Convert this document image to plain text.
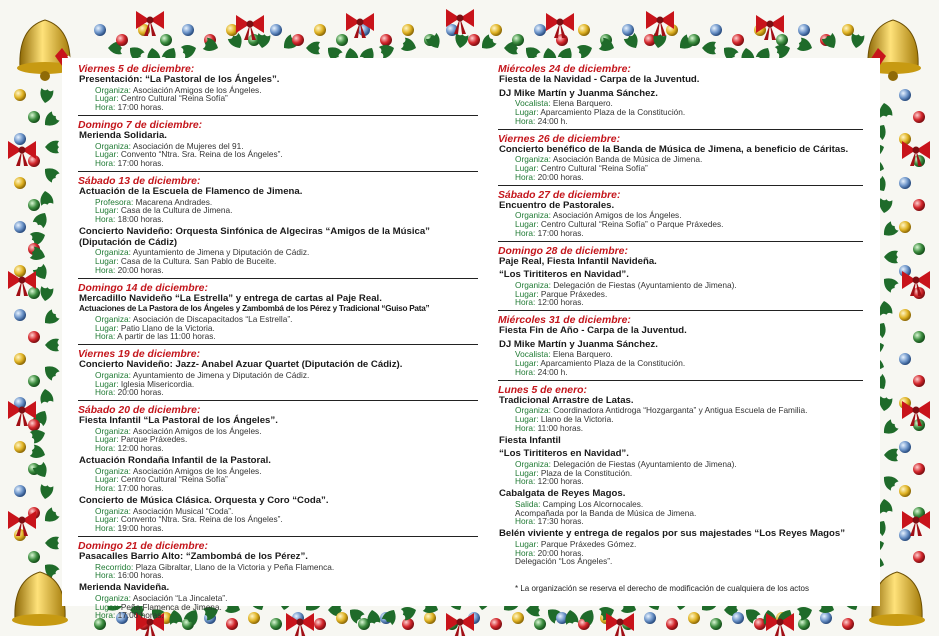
Viernes 5 de diciembre:
Presentación: “La Pastoral de los Ángeles”.
Organiza: Asociación Amigos de los Ángeles.
Lugar: Centro Cultural “Reina Sofía”
Hora: 17:00 horas.
Domingo 7 de diciembre:
Merienda Solidaria.
Organiza: Asociación de Mujeres del 91.
Lugar: Convento “Ntra. Sra. Reina de los Ángeles”.
Hora: 17:00 horas.
Sábado 13 de diciembre:
Actuación de la Escuela de Flamenco de Jimena.
Profesora: Macarena Andrades.
Lugar: Casa de la Cultura de Jimena.
Hora: 18:00 horas.
Concierto Navideño: Orquesta Sinfónica de Algeciras “Amigos de la Música” (Diputación de Cádiz)
Organiza: Ayuntamiento de Jimena y Diputación de Cádiz.
Lugar: Casa de la Cultura. San Pablo de Buceite.
Hora: 20:00 horas.
Domingo 14 de diciembre:
Mercadillo Navideño “La Estrella” y entrega de cartas al Paje Real.
Actuaciones de La Pastora de los Ángeles y Zambombá de los Pérez y Tradicional “Guiso Pata”
Organiza: Asociación de Discapacitados “La Estrella”.
Lugar: Patio Llano de la Victoria.
Hora: A partir de las 11:00 horas.
Viernes 19 de diciembre:
Concierto Navideño: Jazz- Anabel Azuar Quartet (Diputación de Cádiz).
Organiza: Ayuntamiento de Jimena y Diputación de Cádiz.
Lugar: Iglesia Misericordia.
Hora: 20:00 horas.
Sábado 20 de diciembre:
Fiesta Infantil “La Pastoral de los Ángeles”.
Organiza: Asociación Amigos de los Ángeles.
Lugar: Parque Práxedes.
Hora: 12:00 horas.
Actuación Rondaña Infantil de la Pastoral.
Organiza: Asociación Amigos de los Ángeles.
Lugar: Centro Cultural “Reina Sofía”
Hora: 17:00 horas.
Concierto de Música Clásica. Orquesta y Coro “Coda”.
Organiza: Asociación Musical “Coda”.
Lugar: Convento “Ntra. Sra. Reina de los Ángeles”.
Hora: 19:00 horas.
Domingo 21 de diciembre:
Pasacalles Barrio Alto: “Zambombá de los Pérez”.
Recorrido: Plaza Gibraltar, Llano de la Victoria y Peña Flamenca.
Hora: 16:00 horas.
Merienda Navideña.
Organiza: Asociación “La Jincaleta”.
Lugar: Peña Flamenca de Jimena.
Hora: 17:00 horas.
Miércoles 24 de diciembre:
Fiesta de la Navidad - Carpa de la Juventud.
DJ Mike Martín y Juanma Sánchez.
Vocalista: Elena Barquero.
Lugar: Aparcamiento Plaza de la Constitución.
Hora: 24:00 h.
Viernes 26 de diciembre:
Concierto benéfico de la Banda de Música de Jimena, a beneficio de Cáritas.
Organiza: Asociación Banda de Música de Jimena.
Lugar: Centro Cultural “Reina Sofía”
Hora: 20:00 horas.
Sábado 27 de diciembre:
Encuentro de Pastorales.
Organiza: Asociación Amigos de los Ángeles.
Lugar: Centro Cultural “Reina Sofía” o Parque Práxedes.
Hora: 17:00 horas.
Domingo 28 de diciembre:
Paje Real, Fiesta Infantil Navideña.
“Los Tirititeros en Navidad”.
Organiza: Delegación de Fiestas (Ayuntamiento de Jimena).
Lugar: Parque Práxedes.
Hora: 12:00 horas.
Miércoles 31 de diciembre:
Fiesta Fin de Año - Carpa de la Juventud.
DJ Mike Martín y Juanma Sánchez.
Vocalista: Elena Barquero.
Lugar: Aparcamiento Plaza de la Constitución.
Hora: 24:00 h.
Lunes 5 de enero:
Tradicional Arrastre de Latas.
Organiza: Coordinadora Antidroga “Hozgarganta” y Antigua Escuela de Familia.
Lugar: Llano de la Victoria.
Hora: 11:00 horas.
Fiesta Infantil
“Los Tirititeros en Navidad”.
Organiza: Delegación de Fiestas (Ayuntamiento de Jimena).
Lugar: Plaza de la Constitución.
Hora: 12:00 horas.
Cabalgata de Reyes Magos.
Salida: Camping Los Alcornocales.
Acompañada por la Banda de Música de Jimena.
Hora: 17:30 horas.
Belén viviente y entrega de regalos por sus majestades “Los Reyes Magos”
Lugar: Parque Práxedes Gómez.
Hora: 20:00 horas.
Delegación “Los Ángeles”.
* La organización se reserva el derecho de modificación de cualquiera de los actos
